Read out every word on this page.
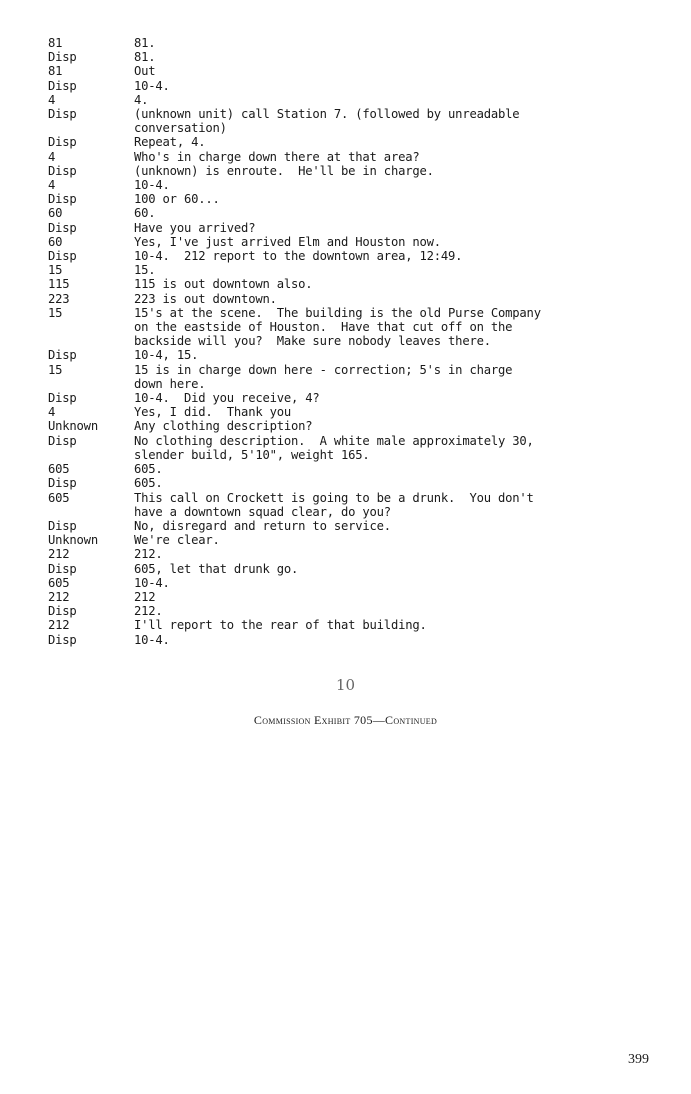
81	81.
Disp	81.
81	Out
Disp	10-4.
4	4.
Disp	(unknown unit) call Station 7. (followed by unreadable
conversation)
Disp	Repeat, 4.
4	Who's in charge down there at that area?
Disp	(unknown) is enroute.  He'll be in charge.
4	10-4.
Disp	100 or 60...
60	60.
Disp	Have you arrived?
60	Yes, I've just arrived Elm and Houston now.
Disp	10-4.  212 report to the downtown area, 12:49.
15	15.
115	115 is out downtown also.
223	223 is out downtown.
15	15's at the scene.  The building is the old Purse Company
on the eastside of Houston.  Have that cut off on the
backside will you?  Make sure nobody leaves there.
Disp	10-4, 15.
15	15 is in charge down here - correction; 5's in charge
down here.
Disp	10-4.  Did you receive, 4?
4	Yes, I did.  Thank you
Unknown	Any clothing description?
Disp	No clothing description.  A white male approximately 30,
slender build, 5'10", weight 165.
605	605.
Disp	605.
605	This call on Crockett is going to be a drunk.  You don't
have a downtown squad clear, do you?
Disp	No, disregard and return to service.
Unknown	We're clear.
212	212.
Disp	605, let that drunk go.
605	10-4.
212	212
Disp	212.
212	I'll report to the rear of that building.
Disp	10-4.
10
Commission Exhibit 705—Continued
399
